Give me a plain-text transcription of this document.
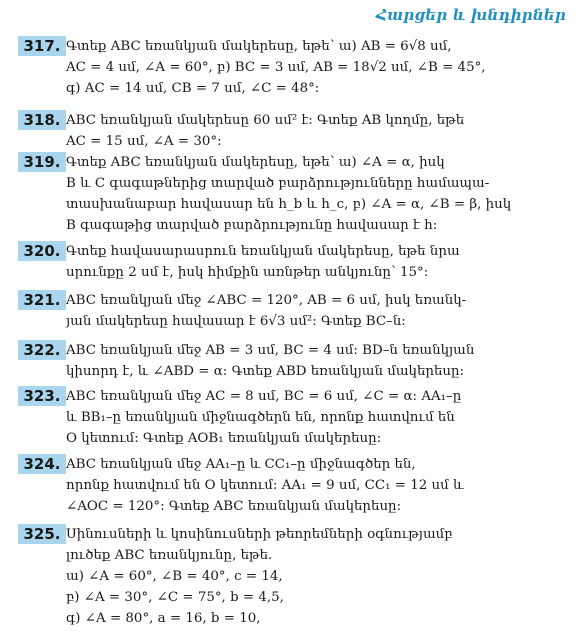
Հարցեր և խնդիրներ
317. Գտեք ABC եռանկյան մակերեսը, եթե՝ ա) AB = 6√8 սմ,
AC = 4 սմ, ∠A = 60°, բ) BC = 3 սմ, AB = 18√2 սմ, ∠B = 45°,
գ) AC = 14 սմ, CB = 7 սմ, ∠C = 48°:
318. ABC եռանկյան մակերեսը 60 սմ² է: Գտեք AB կողմը, եթե
AC = 15 սմ, ∠A = 30°:
319. Գտեք ABC եռանկյան մակերեսը, եթե՝ ա) ∠A = α, իսկ
B և C գագաթներից տարված բարձրությունները համապա-
տասխանաբար հավասար են h_b և h_c, բ) ∠A = α, ∠B = β, իսկ
B գագաթից տարված բարձրությունը հավասար է h:
320. Գտեք հավասարասրուն եռանկյան մակերեսը, եթե նրա
սրունքը 2 սմ է, իսկ հիմքին առնթեր անկյունը՝ 15°:
321. ABC եռանկյան մեջ ∠ABC = 120°, AB = 6 սմ, իսկ եռանկ-
յան մակերեսը հավասար է 6√3 սմ²: Գտեք BC–ն:
322. ABC եռանկյան մեջ AB = 3 սմ, BC = 4 սմ: BD–ն եռանկյան
կիսորդ է, և ∠ABD = α: Գտեք ABD եռանկյան մակերեսը:
323. ABC եռանկյան մեջ AC = 8 սմ, BC = 6 սմ, ∠C = α: AA₁–ը
և BB₁–ը եռանկյան միջնագծերն են, որոնք հատվում են
O կետում: Գտեք AOB₁ եռանկյան մակերեսը:
324. ABC եռանկյան մեջ AA₁–ը և CC₁–ը միջնագծեր են,
որոնք հատվում են O կետում: AA₁ = 9 սմ, CC₁ = 12 սմ և
∠AOC = 120°: Գտեք ABC եռանկյան մակերեսը:
325. Սինուսների և կոսինուսների թեորեմների օգնությամբ
լուծեք ABC եռանկյունը, եթե.
ա) ∠A = 60°, ∠B = 40°, c = 14,
բ) ∠A = 30°, ∠C = 75°, b = 4,5,
գ) ∠A = 80°, a = 16, b = 10,
